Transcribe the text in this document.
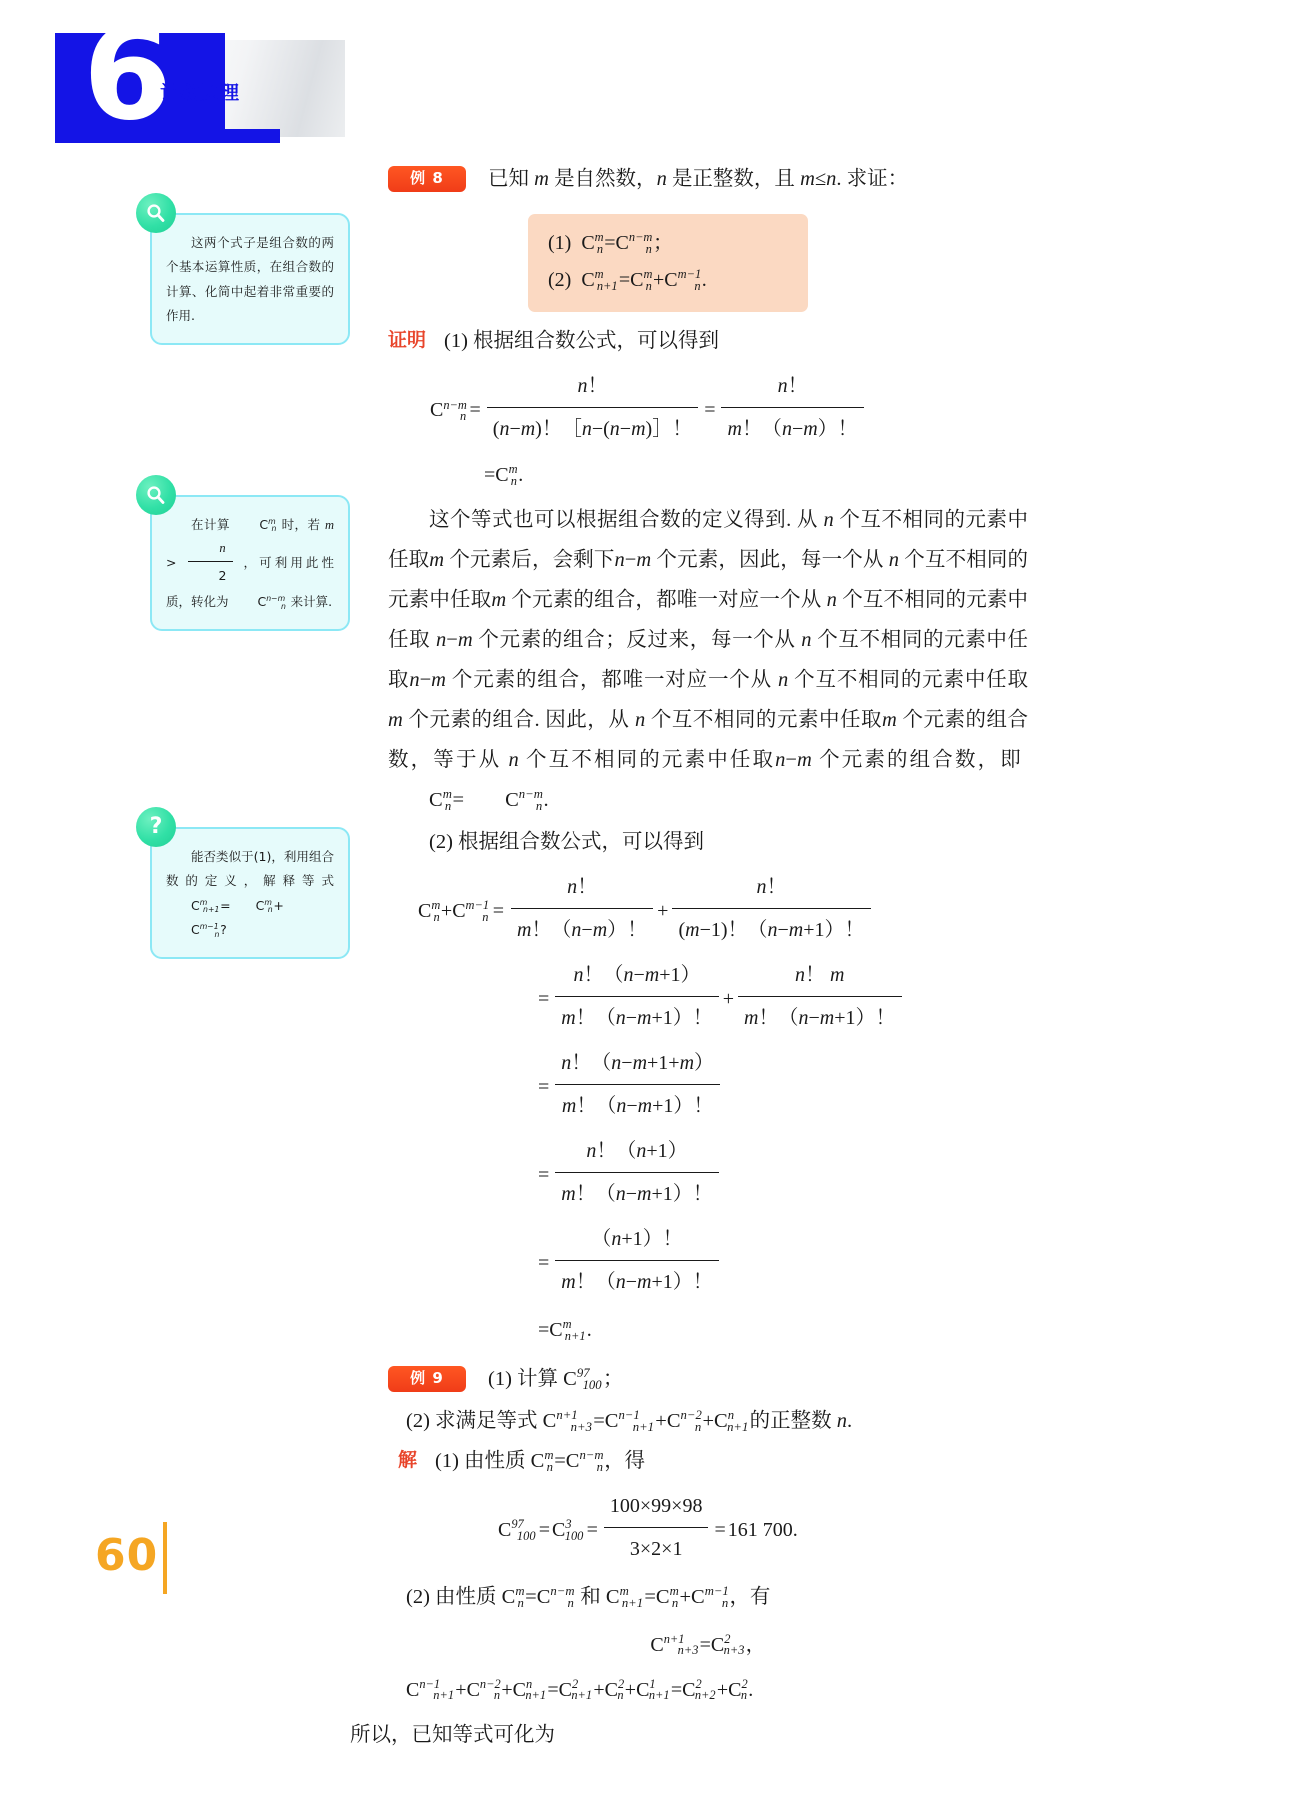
6
计数原理

这两个式子是组合数的两个基本运算性质，在组合数的计算、化简中起着非常重要的作用.

在计算 $C^mn$ 时，若 $m > \frac{n}{2}$ ，可利用此性质，转化为 $C^{n-m}n$ 来计算.

?

能否类似于(1)，利用组合数的定义，解释等式 $C^mn+1= C^mn+C^{m-1}n$?

例 8	已知 m 是自然数，n 是正整数，且 m≤n. 求证：
(1)  $C^mn=C^{n-m}n$；
(2)  $C^mn+1=C^mn+C^{m-1}n$.
证明 (1) 根据组合数公式，可以得到
$C^{n-m}n = \frac{n!}{(n-m)![n-(n-m)]!} = \frac{n!}{m!(n-m)!}$
= $C^mn$ .

这个等式也可以根据组合数的定义得到. 从 n 个互不相同的元素中任取m 个元素后，会剩下n−m 个元素，因此，每一个从 n 个互不相同的元素中任取m 个元素的组合，都唯一对应一个从 n 个互不相同的元素中任取 n−m 个元素的组合；反过来，每一个从 n 个互不相同的元素中任取n−m 个元素的组合，都唯一对应一个从 n 个互不相同的元素中任取m 个元素的组合. 因此，从 n 个互不相同的元素中任取m 个元素的组合数，等于从 n 个互不相同的元素中任取n−m 个元素的组合数，即 $C^mn= C^{n-m}n$.

(2) 根据组合数公式，可以得到

$C^mn + C^{m-1}n = \frac{n!}{m!(n-m)!} + \frac{n!}{(m-1)!(n-m+1)!}$
= $\frac{n!(n-m+1)}{m!(n-m+1)!} + \frac{n! m}{m!(n-m+1)!}$
= $\frac{n!(n-m+1+m)}{m!(n-m+1)!}$
= $\frac{n!(n+1)}{m!(n-m+1)!}$
= $\frac{(n+1)!}{m!(n-m+1)!}$
= $C^mn+1$ .
例 9	(1) 计算 $C^{97}100$；

(2) 求满足等式 $C^{n+1}n+3=C^{n-1}n+1+C^{n-2}n+C^nn+1$的正整数 n.

解 (1) 由性质 $C^mn=C^{n-m}n$，得
$C^{97}100 = C^3100 = \frac{100\times 99\times 98}{3\times 2\times 1} = 161$ 700 .

(2) 由性质 $C^mn=C^{n-m}n$ 和 $C^mn+1=C^mn+C^{m-1}n$，有

$C^{n+1}n+3 = C^2n+3$ ，
$C^{n-1}n+1 + C^{n-2}n + C^nn+1 = C^2n+1 + C^2n + C^1n+1 = C^2n+2 + C^2n$ .

所以，已知等式可化为

60
